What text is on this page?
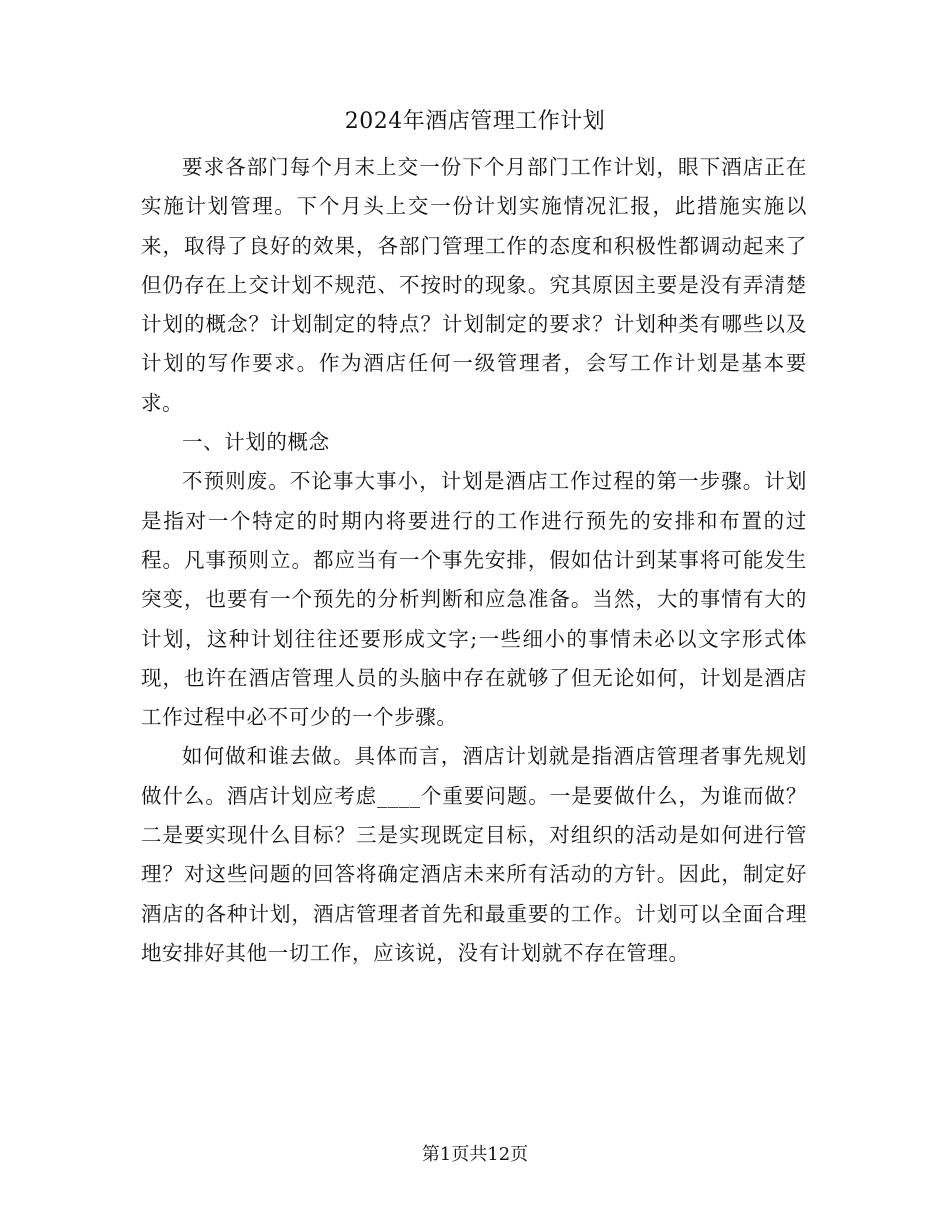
2024年酒店管理工作计划

要求各部门每个月末上交一份下个月部门工作计划，眼下酒店正在实施计划管理。下个月头上交一份计划实施情况汇报，此措施实施以来，取得了良好的效果，各部门管理工作的态度和积极性都调动起来了但仍存在上交计划不规范、不按时的现象。究其原因主要是没有弄清楚计划的概念？计划制定的特点？计划制定的要求？计划种类有哪些以及计划的写作要求。作为酒店任何一级管理者，会写工作计划是基本要求。

一、计划的概念

不预则废。不论事大事小，计划是酒店工作过程的第一步骤。计划是指对一个特定的时期内将要进行的工作进行预先的安排和布置的过程。凡事预则立。都应当有一个事先安排，假如估计到某事将可能发生突变，也要有一个预先的分析判断和应急准备。当然，大的事情有大的计划，这种计划往往还要形成文字;一些细小的事情未必以文字形式体现，也许在酒店管理人员的头脑中存在就够了但无论如何，计划是酒店工作过程中必不可少的一个步骤。

如何做和谁去做。具体而言，酒店计划就是指酒店管理者事先规划做什么。酒店计划应考虑____个重要问题。一是要做什么，为谁而做？二是要实现什么目标？三是实现既定目标，对组织的活动是如何进行管理？对这些问题的回答将确定酒店未来所有活动的方针。因此，制定好酒店的各种计划，酒店管理者首先和最重要的工作。计划可以全面合理地安排好其他一切工作，应该说，没有计划就不存在管理。

第1页共12页
